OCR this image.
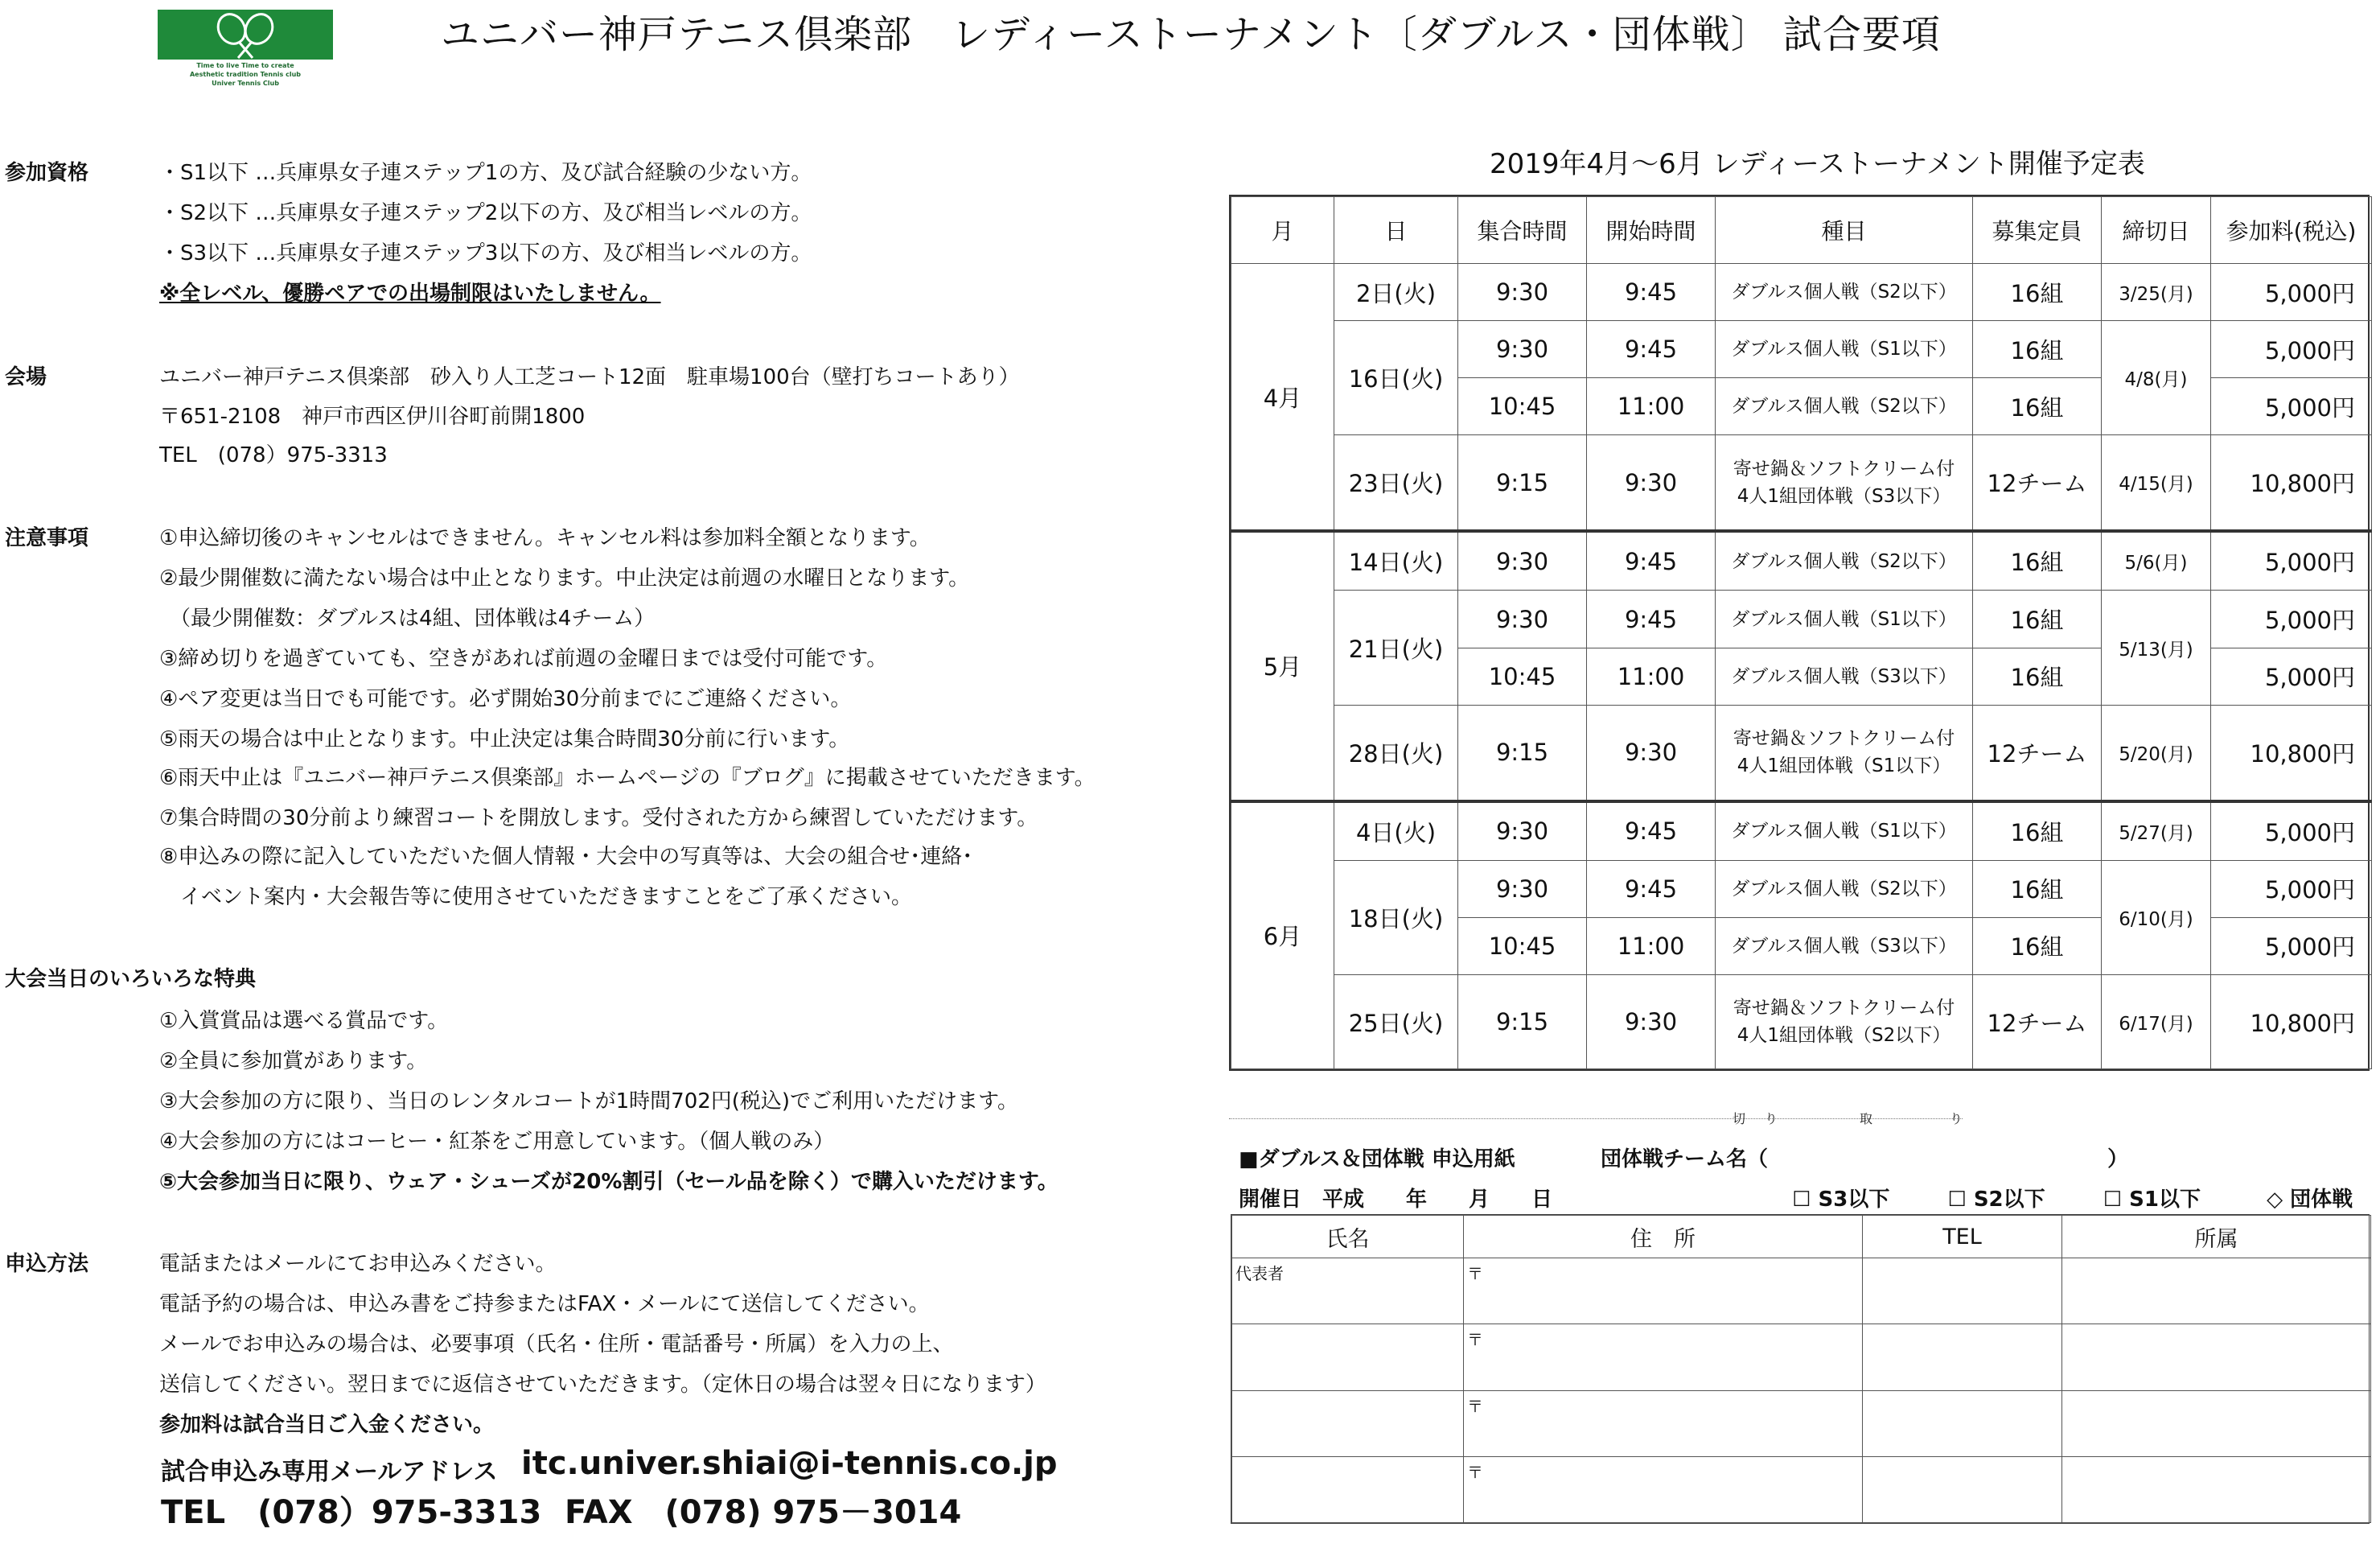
Time to live Time to create
Aesthetic tradition Tennis club
Univer Tennis Club
ユニバー神戸テニス倶楽部　レディーストーナメント〔ダブルス・団体戦〕 試合要項
参加資格	・S1以下 …兵庫県女子連ステップ1の方、及び試合経験の少ない方。
・S2以下 …兵庫県女子連ステップ2以下の方、及び相当レベルの方。
・S3以下 …兵庫県女子連ステップ3以下の方、及び相当レベルの方。
※全レベル、優勝ペアでの出場制限はいたしません。
会場	ユニバー神戸テニス倶楽部　砂入り人工芝コート12面　駐車場100台（壁打ちコートあり）
〒651-2108　神戸市西区伊川谷町前開1800
TEL　(078）975-3313
注意事項	①申込締切後のキャンセルはできません。キャンセル料は参加料全額となります。
②最少開催数に満たない場合は中止となります。中止決定は前週の水曜日となります。
　（最少開催数：ダブルスは4組、団体戦は4チーム）
③締め切りを過ぎていても、空きがあれば前週の金曜日までは受付可能です。
④ペア変更は当日でも可能です。必ず開始30分前までにご連絡ください。
⑤雨天の場合は中止となります。中止決定は集合時間30分前に行います。
⑥雨天中止は『ユニバー神戸テニス倶楽部』ホームページの『ブログ』に掲載させていただきます。
⑦集合時間の30分前より練習コートを開放します。受付された方から練習していただけます。
⑧申込みの際に記入していただいた個人情報・大会中の写真等は、大会の組合せ･連絡･
　イベント案内・大会報告等に使用させていただきますことをご了承ください。
大会当日のいろいろな特典
①入賞賞品は選べる賞品です。
②全員に参加賞があります。
③大会参加の方に限り、当日のレンタルコートが1時間702円(税込)でご利用いただけます。
④大会参加の方にはコーヒー・紅茶をご用意しています。（個人戦のみ）
⑤大会参加当日に限り、ウェア・シューズが20%割引（セール品を除く）で購入いただけます。
申込方法	電話またはメールにてお申込みください。
電話予約の場合は、申込み書をご持参またはFAX・メールにて送信してください。
メールでお申込みの場合は、必要事項（氏名・住所・電話番号・所属）を入力の上、
送信してください。翌日までに返信させていただきます。（定休日の場合は翌々日になります）
参加料は試合当日ご入金ください。
試合申込み専用メールアドレス itc.univer.shiai@i-tennis.co.jp
TEL　(078）975-3313 FAX　(078) 975－3014
2019年4月～6月 レディーストーナメント開催予定表
月	日	集合時間	開始時間	種目	募集定員	締切日	参加料(税込)
4月	2日(火)	9:30	9:45	ダブルス個人戦（S2以下）	16組	3/25(月)	5,000円
	16日(火)	9:30	9:45	ダブルス個人戦（S1以下）	16組	4/8(月)	5,000円
		10:45	11:00	ダブルス個人戦（S2以下）	16組		5,000円
	23日(火)	9:15	9:30	寄せ鍋＆ソフトクリーム付
4人1組団体戦（S3以下）	12チーム	4/15(月)	10,800円
5月	14日(火)	9:30	9:45	ダブルス個人戦（S2以下）	16組	5/6(月)	5,000円
	21日(火)	9:30	9:45	ダブルス個人戦（S1以下）	16組	5/13(月)	5,000円
		10:45	11:00	ダブルス個人戦（S3以下）	16組		5,000円
	28日(火)	9:15	9:30	寄せ鍋＆ソフトクリーム付
4人1組団体戦（S1以下）	12チーム	5/20(月)	10,800円
6月	4日(火)	9:30	9:45	ダブルス個人戦（S1以下）	16組	5/27(月)	5,000円
	18日(火)	9:30	9:45	ダブルス個人戦（S2以下）	16組	6/10(月)	5,000円
		10:45	11:00	ダブルス個人戦（S3以下）	16組		5,000円
	25日(火)	9:15	9:30	寄せ鍋＆ソフトクリーム付
4人1組団体戦（S2以下）	12チーム	6/17(月)	10,800円
切 り	取	り
■ダブルス＆団体戦 申込用紙	団体戦チーム名（	）
開催日　平成　　年　　月　　日	☐ S3以下	☐ S2以下	☐ S1以下	◇ 団体戦
氏名	住　所	TEL	所属
代表者	〒		
	〒		
	〒		
	〒		
